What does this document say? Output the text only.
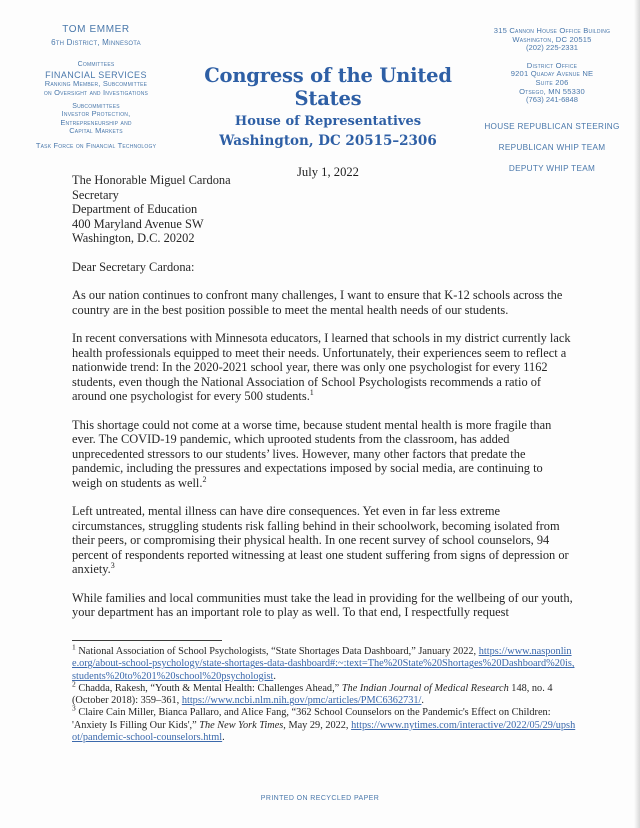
TOM EMMER
6th District, Minnesota
Committees
FINANCIAL SERVICES
Ranking Member, Subcommittee
on Oversight and Investigations
Subcommittees
Investor Protection,
Entrepreneurship and
Capital Markets
Task Force on Financial Technology
Congress of the United States
House of Representatives
Washington, DC 20515–2306
July 1, 2022
315 Cannon House Office Building
Washington, DC 20515
(202) 225-2331
District Office
9201 Quaday Avenue NE
Suite 206
Otsego, MN 55330
(763) 241-6848
HOUSE REPUBLICAN STEERING
REPUBLICAN WHIP TEAM
DEPUTY WHIP TEAM
The Honorable Miguel Cardona
Secretary
Department of Education
400 Maryland Avenue SW
Washington, D.C. 20202
Dear Secretary Cardona:

As our nation continues to confront many challenges, I want to ensure that K-12 schools across the country are in the best position possible to meet the mental health needs of our students.

In recent conversations with Minnesota educators, I learned that schools in my district currently lack health professionals equipped to meet their needs. Unfortunately, their experiences seem to reflect a nationwide trend: In the 2020-2021 school year, there was only one psychologist for every 1162 students, even though the National Association of School Psychologists recommends a ratio of around one psychologist for every 500 students.$^1$

This shortage could not come at a worse time, because student mental health is more fragile than ever. The COVID-19 pandemic, which uprooted students from the classroom, has added unprecedented stressors to our students’ lives. However, many other factors that predate the pandemic, including the pressures and expectations imposed by social media, are continuing to weigh on students as well.$^2$

Left untreated, mental illness can have dire consequences. Yet even in far less extreme circumstances, struggling students risk falling behind in their schoolwork, becoming isolated from their peers, or compromising their physical health. In one recent survey of school counselors, 94 percent of respondents reported witnessing at least one student suffering from signs of depression or anxiety.$^3$

While families and local communities must take the lead in providing for the wellbeing of our youth, your department has an important role to play as well. To that end, I respectfully request

$^1$ National Association of School Psychologists, “State Shortages Data Dashboard,” January 2022, https://www.nasponline.org/about-school-psychology/state-shortages-data-dashboard#:~:text=The%20State%20Shortages%20Dashboard%20is,students%20to%201%20school%20psychologist.

$^2$ Chadda, Rakesh, “Youth & Mental Health: Challenges Ahead,” The Indian Journal of Medical Research 148, no. 4 (October 2018): 359–361, https://www.ncbi.nlm.nih.gov/pmc/articles/PMC6362731/.

$^3$ Claire Cain Miller, Bianca Pallaro, and Alice Fang, “362 School Counselors on the Pandemic's Effect on Children: 'Anxiety Is Filling Our Kids',” The New York Times, May 29, 2022, https://www.nytimes.com/interactive/2022/05/29/upshot/pandemic-school-counselors.html.

PRINTED ON RECYCLED PAPER
